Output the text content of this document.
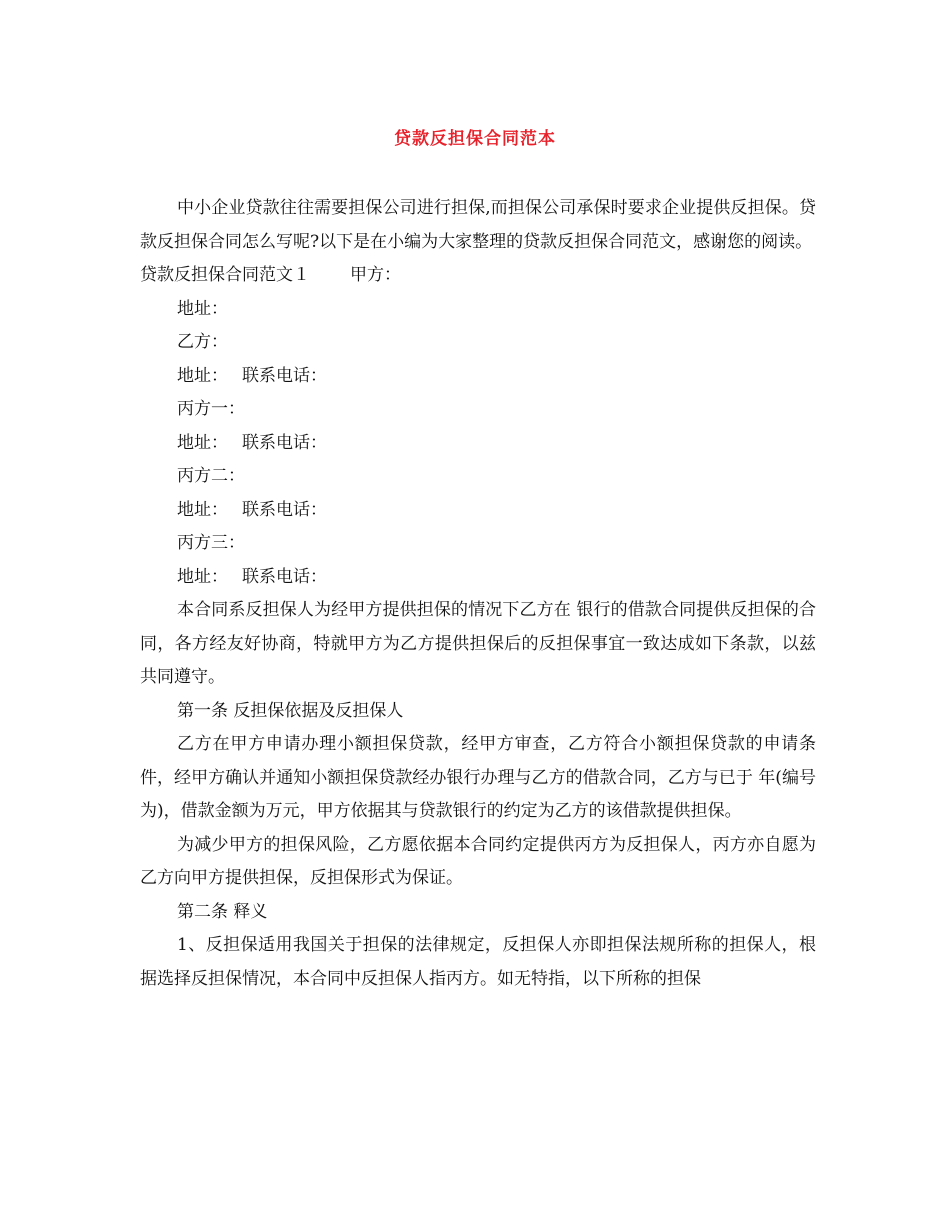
贷款反担保合同范本

中小企业贷款往往需要担保公司进行担保,而担保公司承保时要求企业提供反担保。贷款反担保合同怎么写呢?以下是在小编为大家整理的贷款反担保合同范文，感谢您的阅读。

贷款反担保合同范文１ 甲方：

地址：

乙方：

地址： 联系电话：

丙方一：

地址： 联系电话：

丙方二：

地址： 联系电话：

丙方三：

地址： 联系电话：

本合同系反担保人为经甲方提供担保的情况下乙方在 银行的借款合同提供反担保的合同，各方经友好协商，特就甲方为乙方提供担保后的反担保事宜一致达成如下条款，以兹共同遵守。

第一条 反担保依据及反担保人

乙方在甲方申请办理小额担保贷款，经甲方审查，乙方符合小额担保贷款的申请条件，经甲方确认并通知小额担保贷款经办银行办理与乙方的借款合同，乙方与已于 年(编号为)，借款金额为万元，甲方依据其与贷款银行的约定为乙方的该借款提供担保。

为减少甲方的担保风险，乙方愿依据本合同约定提供丙方为反担保人，丙方亦自愿为乙方向甲方提供担保，反担保形式为保证。

第二条 释义

1、反担保适用我国关于担保的法律规定，反担保人亦即担保法规所称的担保人，根据选择反担保情况，本合同中反担保人指丙方。如无特指，以下所称的担保
